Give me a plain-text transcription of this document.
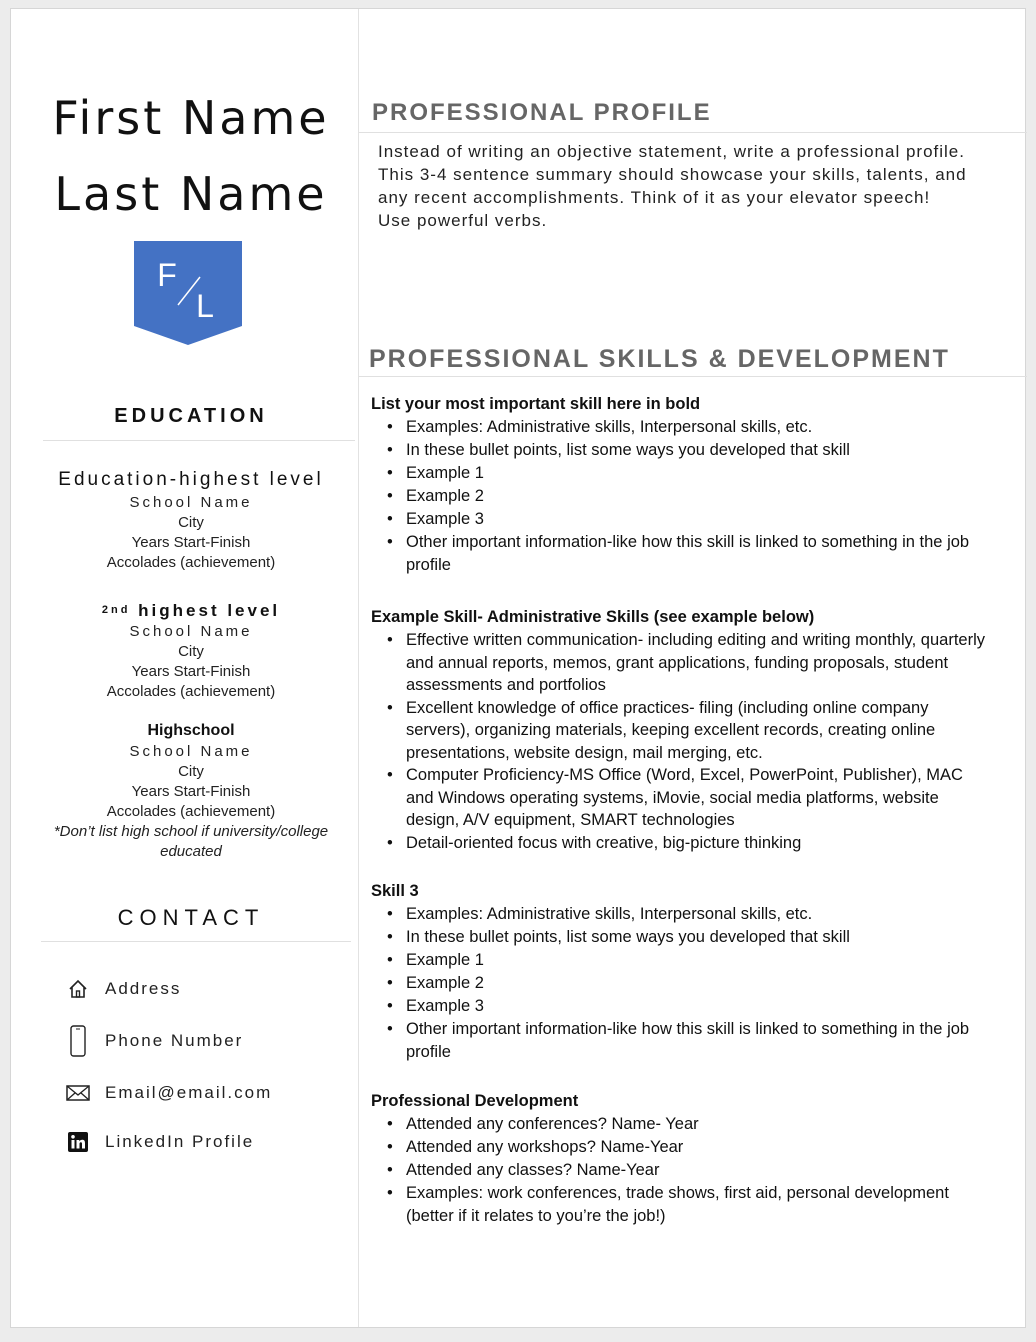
First Name
Last Name
F
L
EDUCATION
Education-highest level
School Name
City
Years Start-Finish
Accolades (achievement)
2nd highest level
School Name
City
Years Start-Finish
Accolades (achievement)
Highschool
School Name
City
Years Start-Finish
Accolades (achievement)
*Don’t list high school if university/college educated
CONTACT
Address
Phone Number
Email@email.com
LinkedIn Profile
PROFESSIONAL PROFILE
Instead of writing an objective statement, write a professional profile. This 3-4 sentence summary should showcase your skills, talents, and any recent accomplishments. Think of it as your elevator speech! Use powerful verbs.
PROFESSIONAL SKILLS & DEVELOPMENT
List your most important skill here in bold
• Examples: Administrative skills, Interpersonal skills, etc.
• In these bullet points, list some ways you developed that skill
• Example 1
• Example 2
• Example 3
• Other important information-like how this skill is linked to something in the job profile
Example Skill- Administrative Skills (see example below)
• Effective written communication- including editing and writing monthly, quarterly and annual reports, memos, grant applications, funding proposals, student assessments and portfolios
• Excellent knowledge of office practices- filing (including online company servers), organizing materials, keeping excellent records, creating online presentations, website design, mail merging, etc.
• Computer Proficiency-MS Office (Word, Excel, PowerPoint, Publisher), MAC and Windows operating systems, iMovie, social media platforms, website design, A/V equipment, SMART technologies
• Detail-oriented focus with creative, big-picture thinking
Skill 3
• Examples: Administrative skills, Interpersonal skills, etc.
• In these bullet points, list some ways you developed that skill
• Example 1
• Example 2
• Example 3
• Other important information-like how this skill is linked to something in the job profile
Professional Development
• Attended any conferences? Name- Year
• Attended any workshops? Name-Year
• Attended any classes? Name-Year
• Examples: work conferences, trade shows, first aid, personal development (better if it relates to you’re the job!)
